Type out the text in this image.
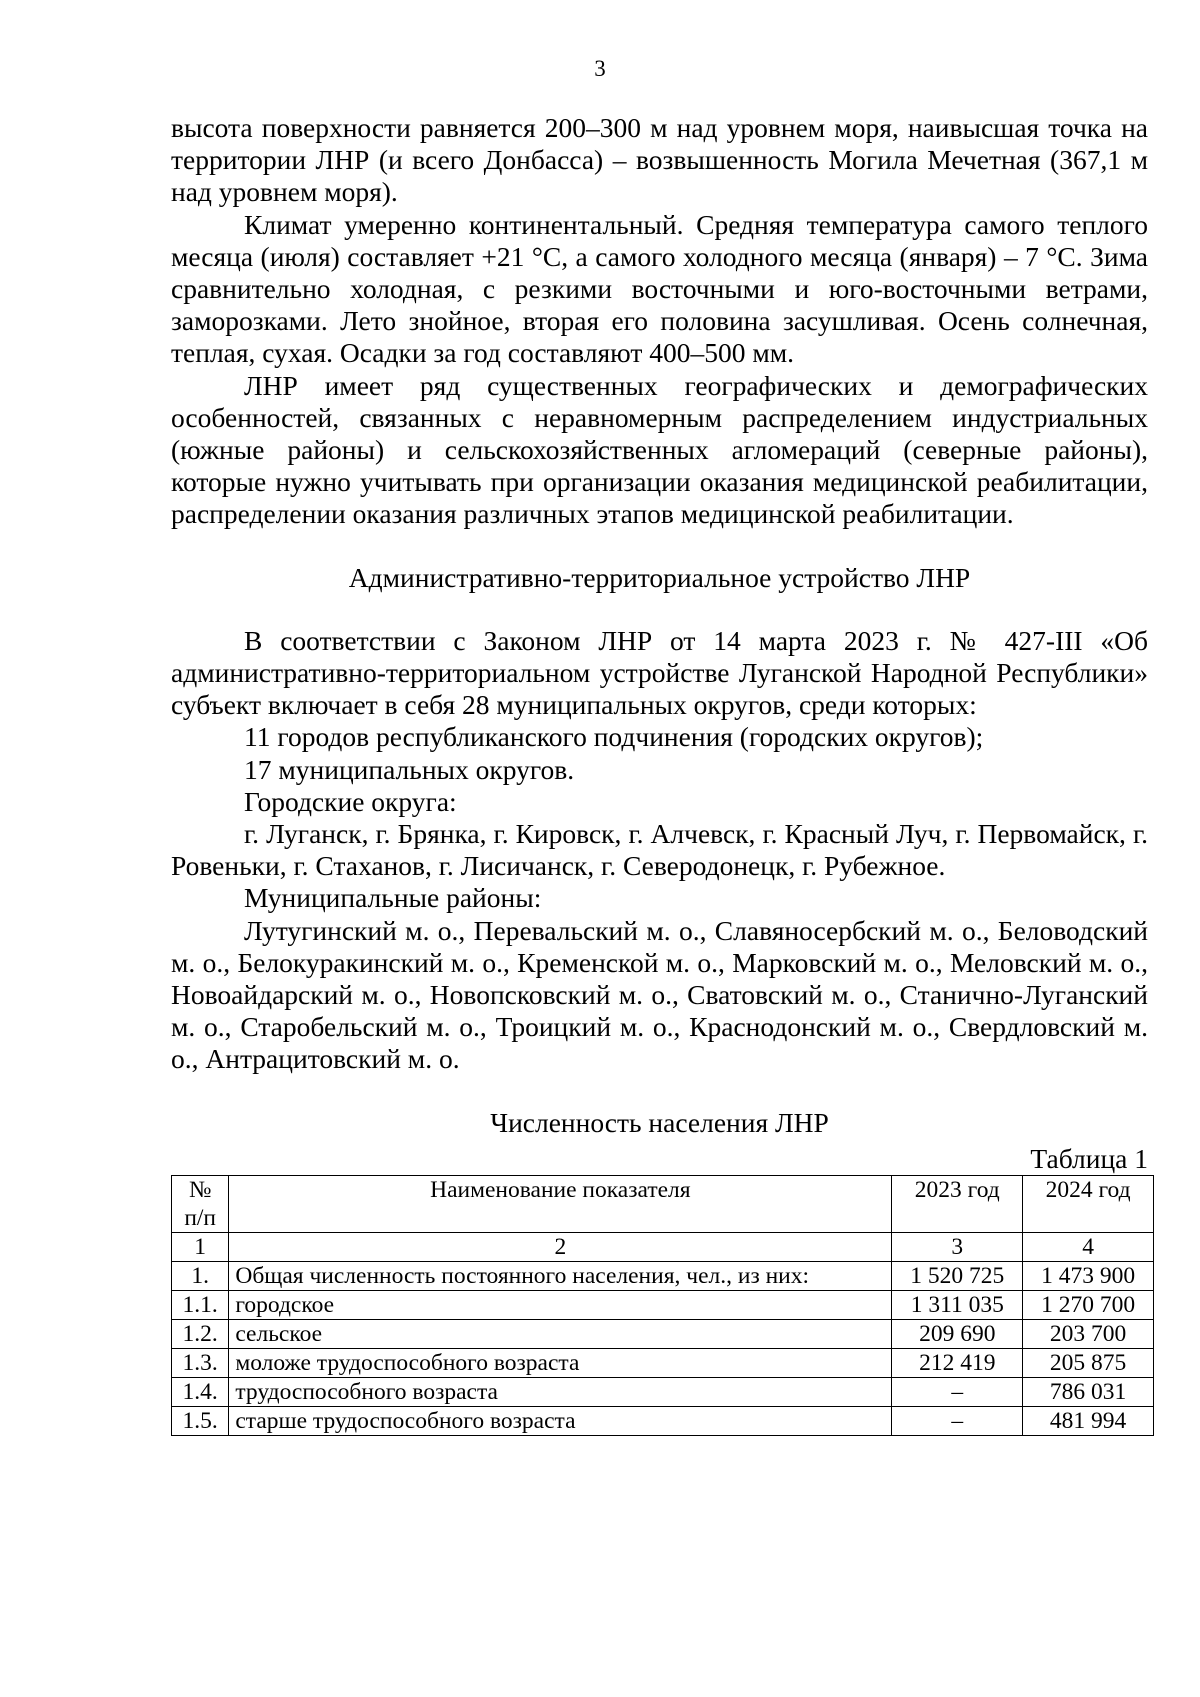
3

высота поверхности равняется 200–300 м над уровнем моря, наивысшая точка на территории ЛНР (и всего Донбасса) – возвышенность Могила Мечетная (367,1 м над уровнем моря).

Климат умеренно континентальный. Средняя температура самого теплого месяца (июля) составляет +21 °С, а самого холодного месяца (января) – 7 °С. Зима сравнительно холодная, с резкими восточными и юго-восточными ветрами, заморозками. Лето знойное, вторая его половина засушливая. Осень солнечная, теплая, сухая. Осадки за год составляют 400–500 мм.

ЛНР имеет ряд существенных географических и демографических особенностей, связанных с неравномерным распределением индустриальных (южные районы) и сельскохозяйственных агломераций (северные районы), которые нужно учитывать при организации оказания медицинской реабилитации, распределении оказания различных этапов медицинской реабилитации.

Административно-территориальное устройство ЛНР

В соответствии с Законом ЛНР от 14 марта 2023 г. № 427-III «Об административно-территориальном устройстве Луганской Народной Республики» субъект включает в себя 28 муниципальных округов, среди которых:

11 городов республиканского подчинения (городских округов);

17 муниципальных округов.

Городские округа:

г. Луганск, г. Брянка, г. Кировск, г. Алчевск, г. Красный Луч, г. Первомайск, г. Ровеньки, г. Стаханов, г. Лисичанск, г. Северодонецк, г. Рубежное.

Муниципальные районы:

Лутугинский м. о., Перевальский м. о., Славяносербский м. о., Беловодский м. о., Белокуракинский м. о., Кременской м. о., Марковский м. о., Меловский м. о., Новоайдарский м. о., Новопсковский м. о., Сватовский м. о., Станично-Луганский м. о., Старобельский м. о., Троицкий м. о., Краснодонский м. о., Свердловский м. о., Антрацитовский м. о.

Численность населения ЛНР

Таблица 1

№ п/п	Наименование показателя	2023 год	2024 год
1	2	3	4
1.	Общая численность постоянного населения, чел., из них:	1 520 725	1 473 900
1.1.	городское	1 311 035	1 270 700
1.2.	сельское	209 690	203 700
1.3.	моложе трудоспособного возраста	212 419	205 875
1.4.	трудоспособного возраста	–	786 031
1.5.	старше трудоспособного возраста	–	481 994
